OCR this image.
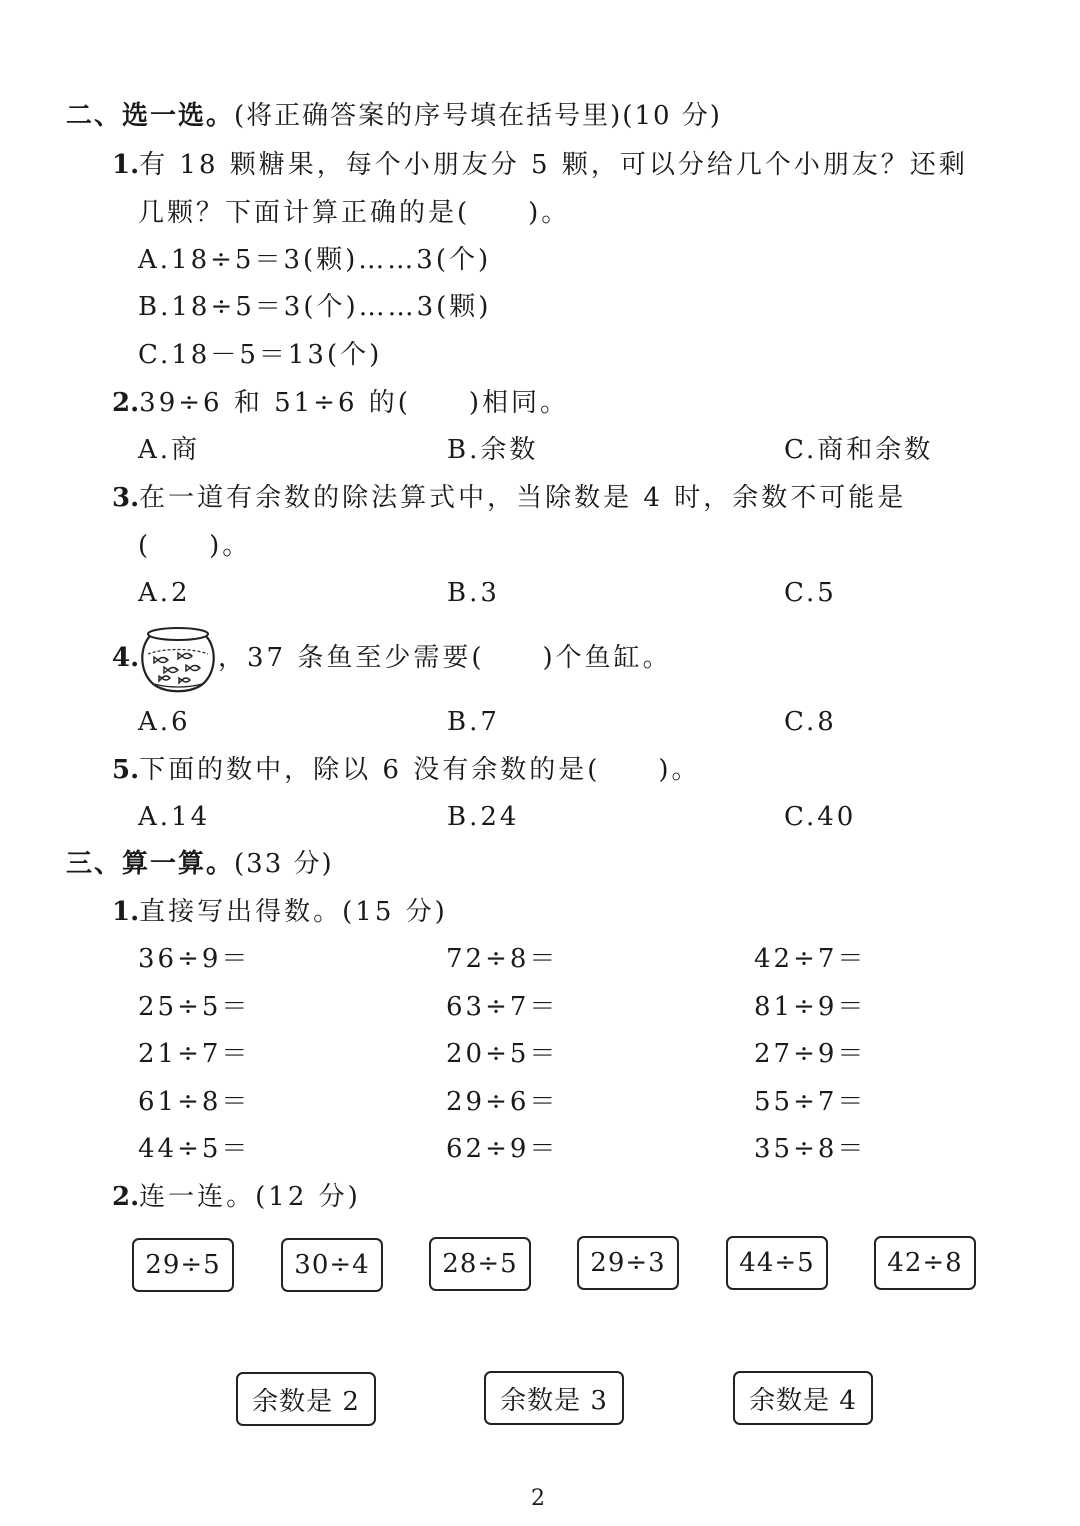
二、选一选。(将正确答案的序号填在括号里)(10 分)
1.有 18 颗糖果，每个小朋友分 5 颗，可以分给几个小朋友？还剩
几颗？下面计算正确的是(　　)。
A.18÷5＝3(颗)……3(个)
B.18÷5＝3(个)……3(颗)
C.18－5＝13(个)
2.39÷6 和 51÷6 的(　　)相同。
A.商	B.余数	C.商和余数
3.在一道有余数的除法算式中，当除数是 4 时，余数不可能是
(　　)。
A.2	B.3	C.5
4.	，37 条鱼至少需要(　　)个鱼缸。
A.6	B.7	C.8
5.下面的数中，除以 6 没有余数的是(　　)。
A.14	B.24	C.40
三、算一算。(33 分)
1.直接写出得数。(15 分)
36÷9＝	72÷8＝	42÷7＝
25÷5＝	63÷7＝	81÷9＝
21÷7＝	20÷5＝	27÷9＝
61÷8＝	29÷6＝	55÷7＝
44÷5＝	62÷9＝	35÷8＝
2.连一连。(12 分)
29÷5	30÷4	28÷5	29÷3	44÷5	42÷8
余数是 2	余数是 3	余数是 4
2
